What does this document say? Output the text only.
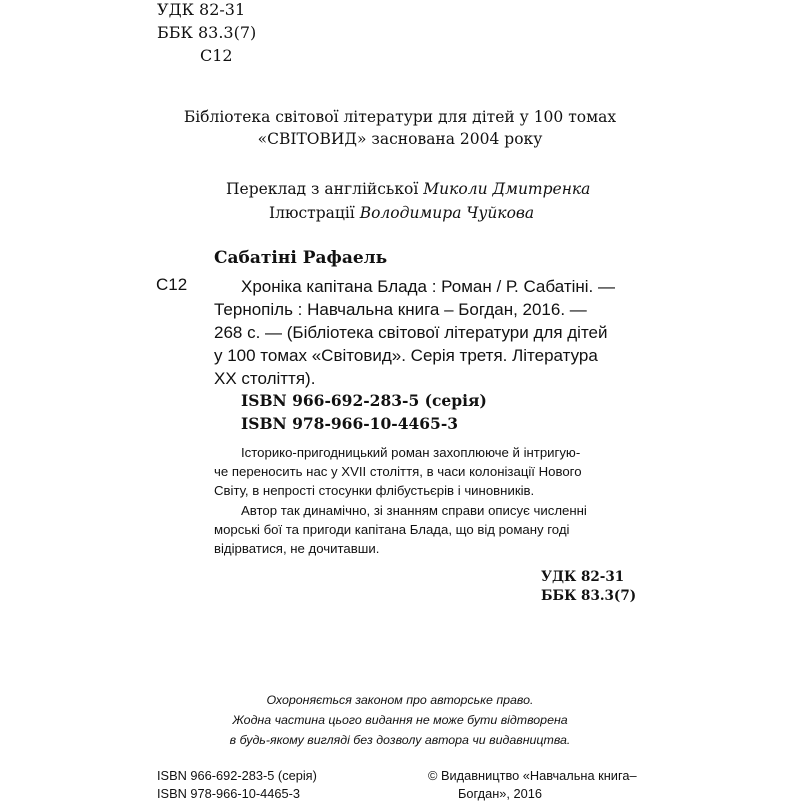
УДК 82-31
ББК 83.3(7)
С12
Бібліотека світової літератури для дітей у 100 томах
«СВІТОВИД» заснована 2004 року
Переклад з англійської Миколи Дмитренка
Ілюстрації Володимира Чуйкова
Сабатіні Рафаель
С12	Хроніка капітана Блада : Роман / Р. Сабатіні. —
Тернопіль : Навчальна книга – Богдан, 2016. —
268 с. — (Бібліотека світової літератури для дітей
у 100 томах «Світовид». Серія третя. Література
XX століття).
ISBN 966-692-283-5 (серія)
ISBN 978-966-10-4465-3
Історико-пригодницький роман захоплююче й інтригую-
че переносить нас у XVII століття, в часи колонізації Нового
Світу, в непрості стосунки флібустьєрів і чиновників.
Автор так динамічно, зі знанням справи описує численні
морські бої та пригоди капітана Блада, що від роману годі
відірватися, не дочитавши.
УДК 82-31
ББК 83.3(7)
Охороняється законом про авторське право.
Жодна частина цього видання не може бути відтворена
в будь-якому вигляді без дозволу автора чи видавництва.
ISBN 966-692-283-5 (серія)
ISBN 978-966-10-4465-3
© Видавництво «Навчальна книга–
Богдан», 2016
